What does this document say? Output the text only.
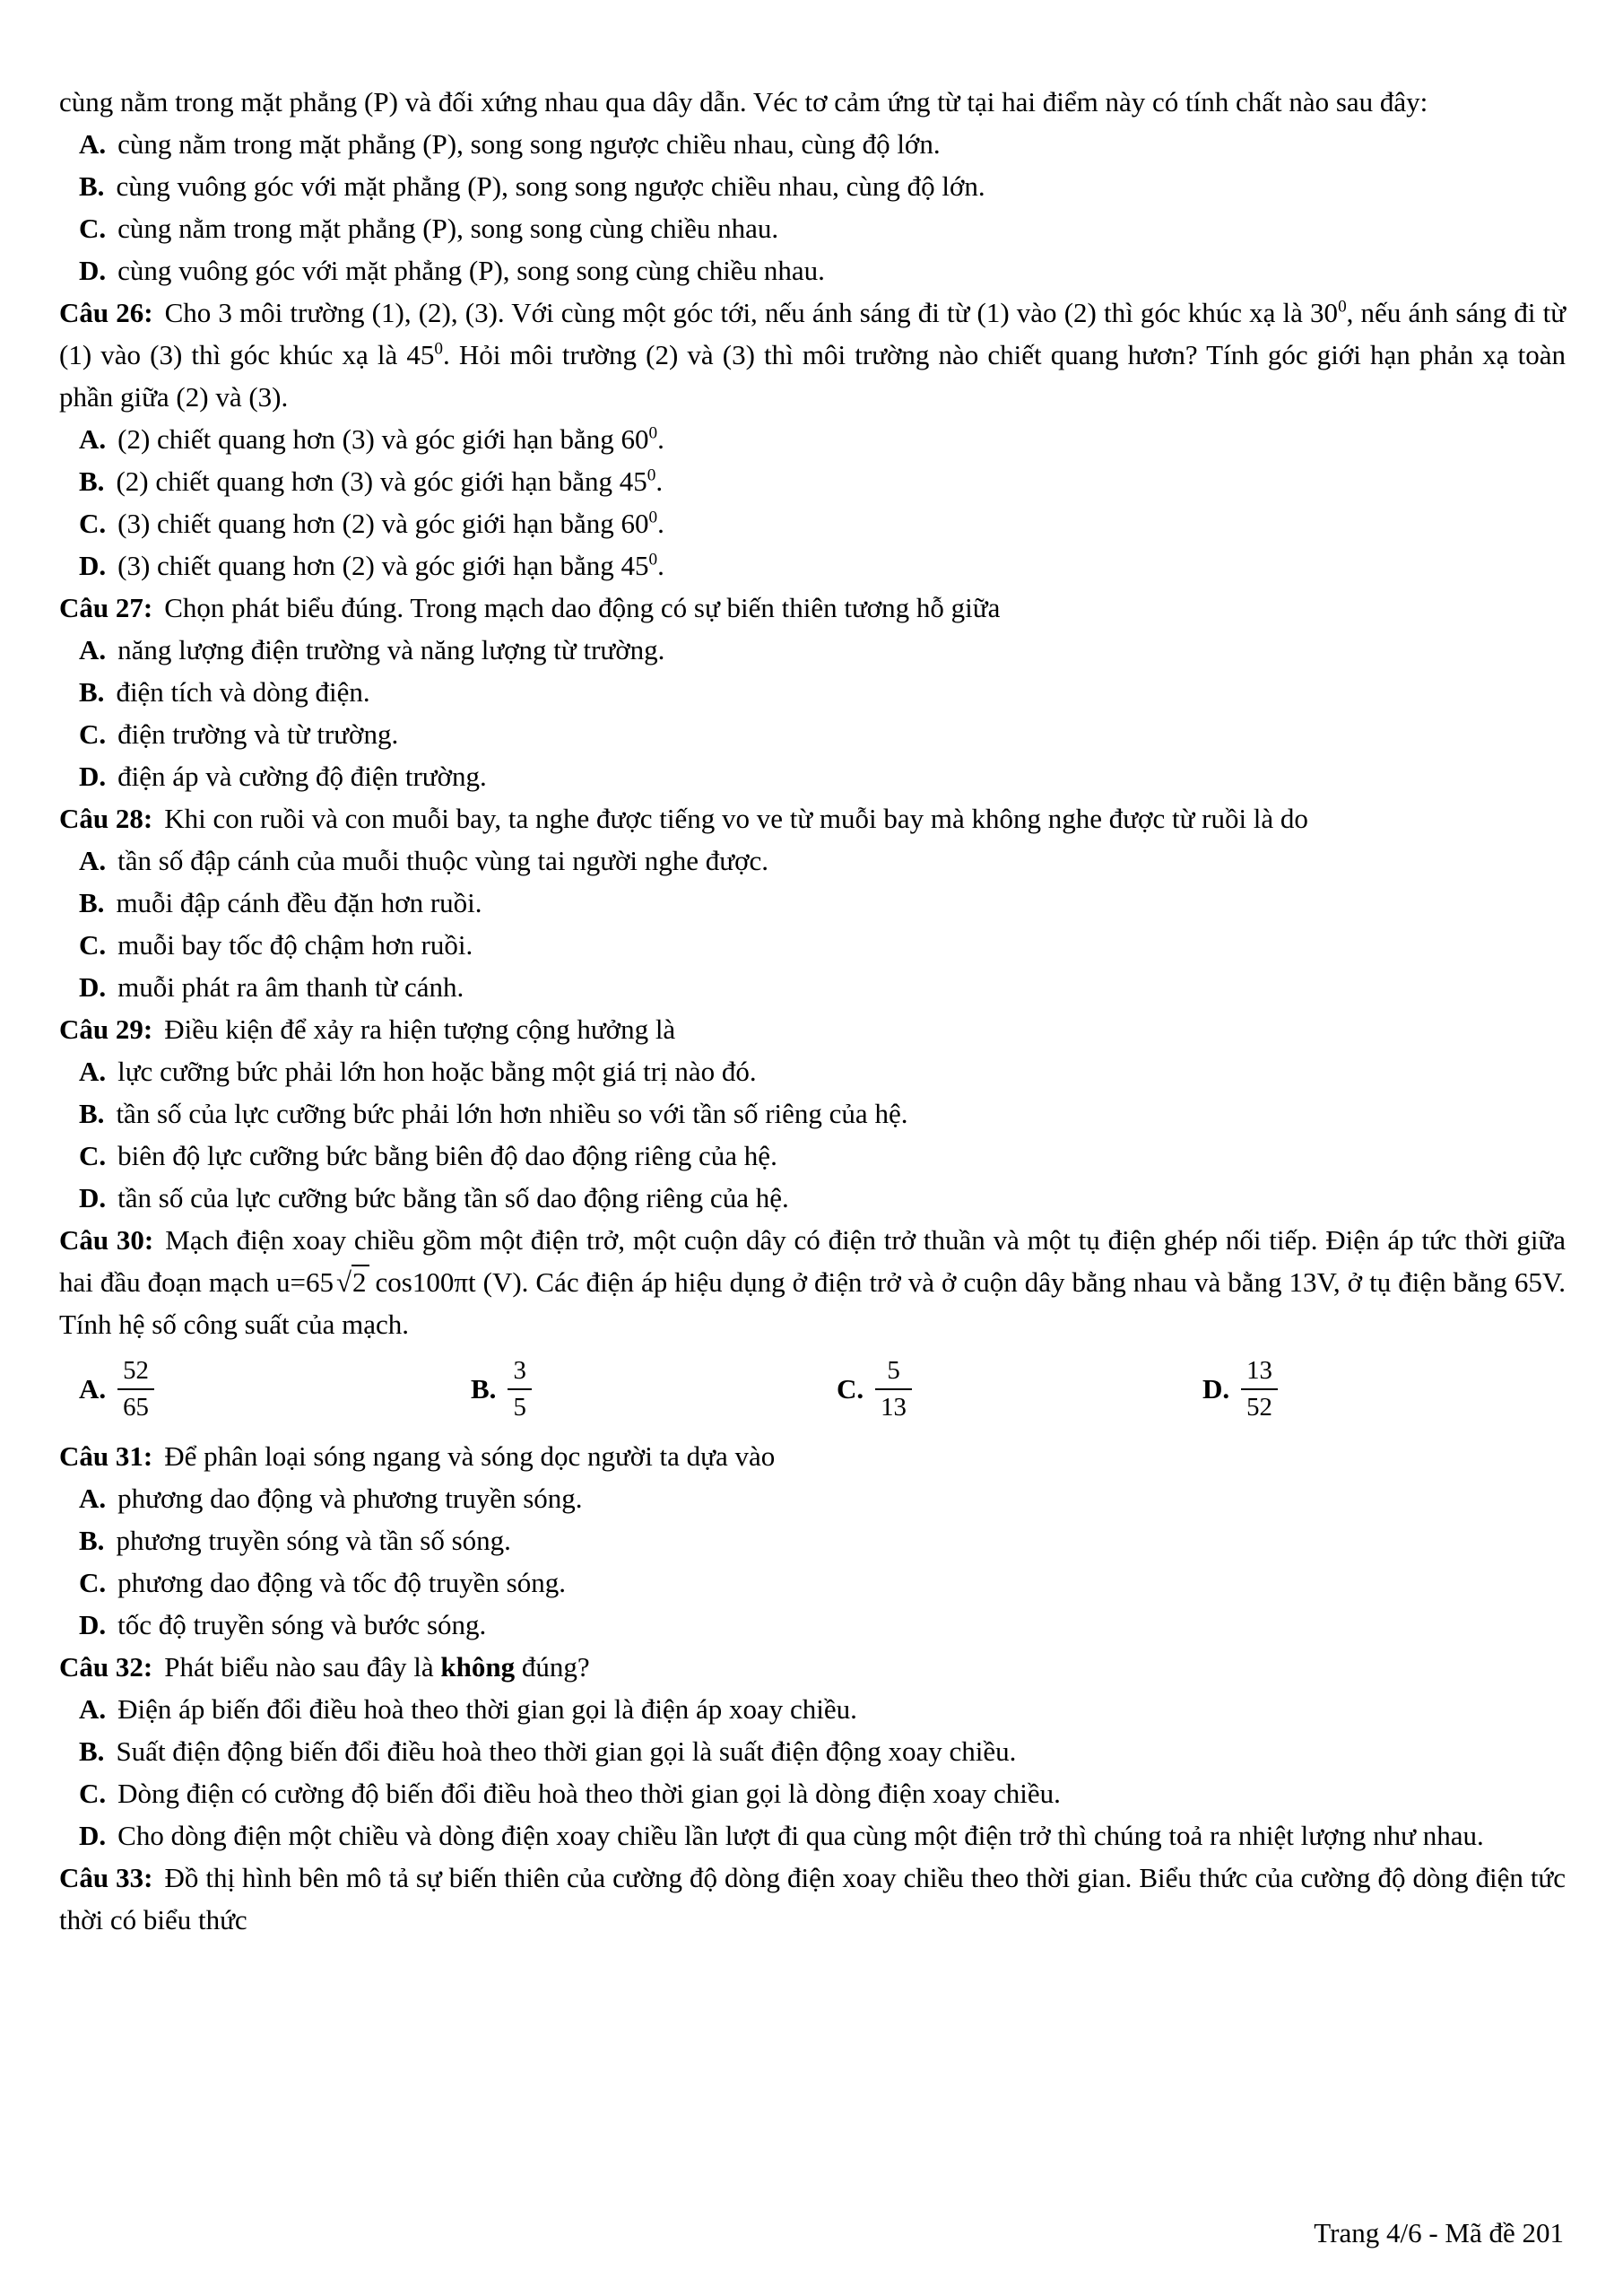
cùng nằm trong mặt phẳng (P) và đối xứng nhau qua dây dẫn. Véc tơ cảm ứng từ tại hai điểm này có tính chất nào sau đây:

A. cùng nằm trong mặt phẳng (P), song song ngược chiều nhau, cùng độ lớn.

B. cùng vuông góc với mặt phẳng (P), song song ngược chiều nhau, cùng độ lớn.

C. cùng nằm trong mặt phẳng (P), song song cùng chiều nhau.

D. cùng vuông góc với mặt phẳng (P), song song cùng chiều nhau.

Câu 26: Cho 3 môi trường (1), (2), (3). Với cùng một góc tới, nếu ánh sáng đi từ (1) vào (2) thì góc khúc xạ là $30^0$, nếu ánh sáng đi từ (1) vào (3) thì góc khúc xạ là $45^0$. Hỏi môi trường (2) và (3) thì môi trường nào chiết quang hươn? Tính góc giới hạn phản xạ toàn phần giữa (2) và (3).

A. (2) chiết quang hơn (3) và góc giới hạn bằng $60^0$.

B. (2) chiết quang hơn (3) và góc giới hạn bằng $45^0$.

C. (3) chiết quang hơn (2) và góc giới hạn bằng $60^0$.

D. (3) chiết quang hơn (2) và góc giới hạn bằng $45^0$.

Câu 27: Chọn phát biểu đúng. Trong mạch dao động có sự biến thiên tương hỗ giữa

A. năng lượng điện trường và năng lượng từ trường.

B. điện tích và dòng điện.

C. điện trường và từ trường.

D. điện áp và cường độ điện trường.

Câu 28: Khi con ruồi và con muỗi bay, ta nghe được tiếng vo ve từ muỗi bay mà không nghe được từ ruồi là do

A. tần số đập cánh của muỗi thuộc vùng tai người nghe được.

B. muỗi đập cánh đều đặn hơn ruồi.

C. muỗi bay tốc độ chậm hơn ruồi.

D. muỗi phát ra âm thanh từ cánh.

Câu 29: Điều kiện để xảy ra hiện tượng cộng hưởng là

A. lực cưỡng bức phải lớn hon hoặc bằng một giá trị nào đó.

B. tần số của lực cưỡng bức phải lớn hơn nhiều so với tần số riêng của hệ.

C. biên độ lực cưỡng bức bằng biên độ dao động riêng của hệ.

D. tần số của lực cưỡng bức bằng tần số dao động riêng của hệ.

Câu 30: Mạch điện xoay chiều gồm một điện trở, một cuộn dây có điện trở thuần và một tụ điện ghép nối tiếp. Điện áp tức thời giữa hai đầu đoạn mạch u=65√2 cos100πt (V). Các điện áp hiệu dụng ở điện trở và ở cuộn dây bằng nhau và bằng 13V, ở tụ điện bằng 65V. Tính hệ số công suất của mạch.

A. $\frac{52}{65}$	B. $\frac{3}{5}$	C. $\frac{5}{13}$	D. $\frac{13}{52}$

Câu 31: Để phân loại sóng ngang và sóng dọc người ta dựa vào

A. phương dao động và phương truyền sóng.

B. phương truyền sóng và tần số sóng.

C. phương dao động và tốc độ truyền sóng.

D. tốc độ truyền sóng và bước sóng.

Câu 32: Phát biểu nào sau đây là không đúng?

A. Điện áp biến đổi điều hoà theo thời gian gọi là điện áp xoay chiều.

B. Suất điện động biến đổi điều hoà theo thời gian gọi là suất điện động xoay chiều.

C. Dòng điện có cường độ biến đổi điều hoà theo thời gian gọi là dòng điện xoay chiều.

D. Cho dòng điện một chiều và dòng điện xoay chiều lần lượt đi qua cùng một điện trở thì chúng toả ra nhiệt lượng như nhau.

Câu 33: Đồ thị hình bên mô tả sự biến thiên của cường độ dòng điện xoay chiều theo thời gian. Biểu thức của cường độ dòng điện tức thời có biểu thức

Trang 4/6 - Mã đề 201
